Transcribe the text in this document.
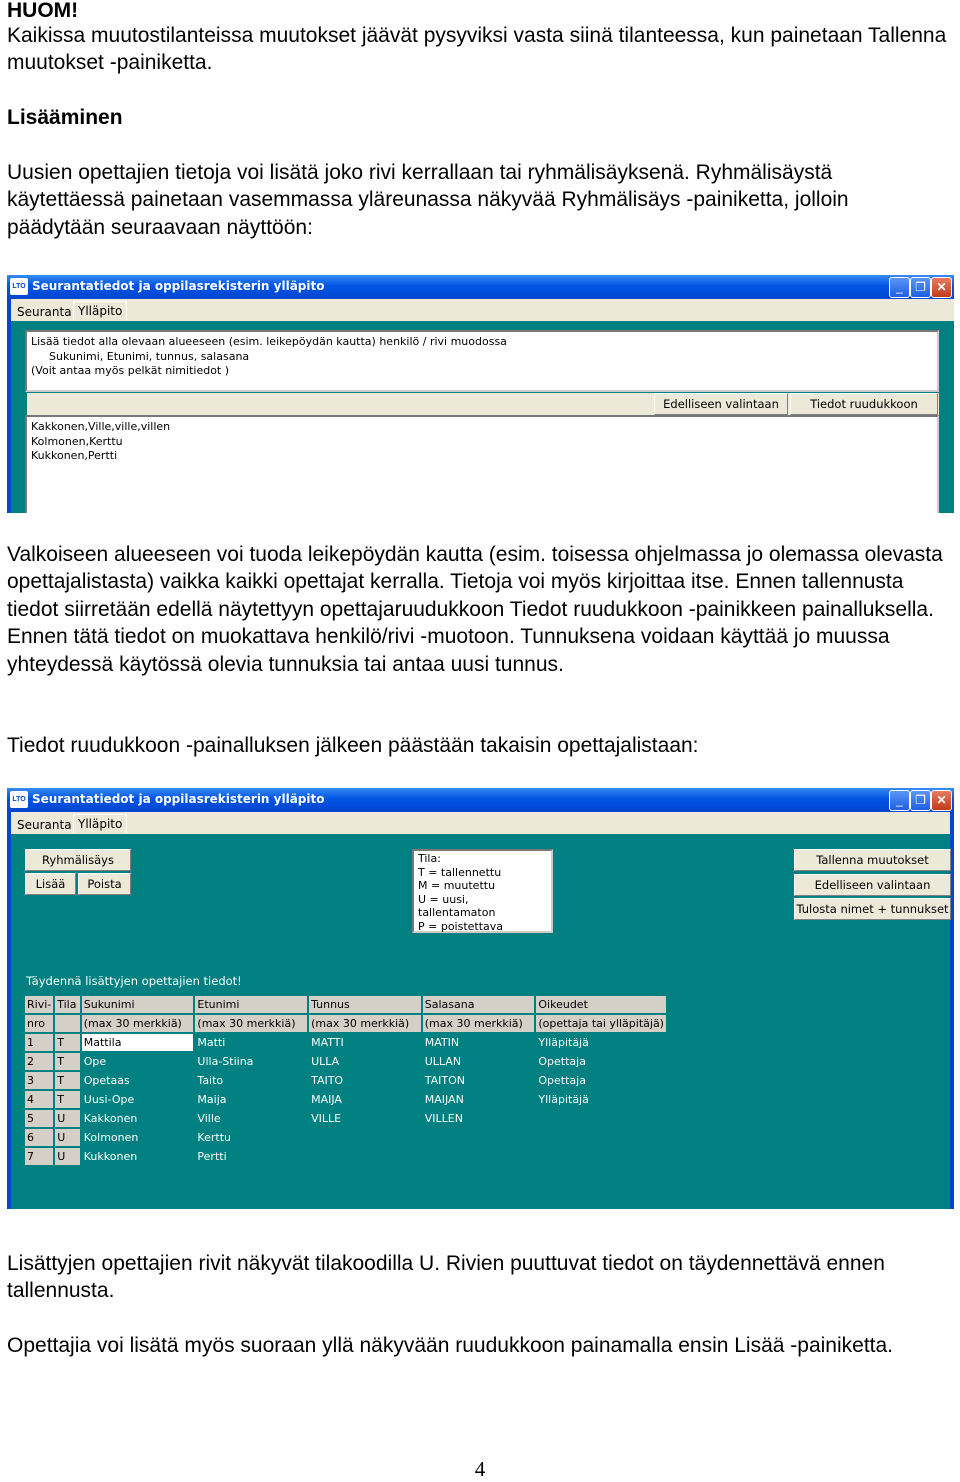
HUOM!

Kaikissa muutostilanteissa muutokset jäävät pysyviksi vasta siinä tilanteessa, kun painetaan Tallenna muutokset -painiketta.

Lisääminen

Uusien opettajien tietoja voi lisätä joko rivi kerrallaan tai ryhmälisäyksenä. Ryhmälisäystä käytettäessä painetaan vasemmassa yläreunassa näkyvää Ryhmälisäys -painiketta, jolloin päädytään seuraavaan näyttöön:

LTO Seurantatiedot ja oppilasrekisterin ylläpito	_	❐ ✕
Seuranta Ylläpito
Lisää tiedot alla olevaan alueeseen (esim. leikepöydän kautta) henkilö / rivi muodossa
Sukunimi, Etunimi, tunnus, salasana
(Voit antaa myös pelkät nimitiedot )
Edelliseen valintaan	Tiedot ruudukkoon
Kakkonen,Ville,ville,villen
Kolmonen,Kerttu
Kukkonen,Pertti

Valkoiseen alueeseen voi tuoda leikepöydän kautta (esim. toisessa ohjelmassa jo olemassa olevasta opettajalistasta) vaikka kaikki opettajat kerralla. Tietoja voi myös kirjoittaa itse. Ennen tallennusta tiedot siirretään edellä näytettyyn opettajaruudukkoon Tiedot ruudukkoon -painikkeen painalluksella. Ennen tätä tiedot on muokattava henkilö/rivi -muotoon. Tunnuksena voidaan käyttää jo muussa yhteydessä käytössä olevia tunnuksia tai antaa uusi tunnus.

Tiedot ruudukkoon -painalluksen jälkeen päästään takaisin opettajalistaan:

LTO Seurantatiedot ja oppilasrekisterin ylläpito	_	❐ ✕
Seuranta Ylläpito
Ryhmälisäys
Lisää	Poista
Tila:
T = tallennettu
M = muutettu
U = uusi, tallentamaton
P = poistettava
Tallenna muutokset
Edelliseen valintaan
Tulosta nimet + tunnukset
Täydennä lisättyjen opettajien tiedot!
Rivi-	Tila	Sukunimi	Etunimi	Tunnus	Salasana	Oikeudet
nro		(max 30 merkkiä)	(max 30 merkkiä)	(max 30 merkkiä)	(max 30 merkkiä)	(opettaja tai ylläpitäjä)
1	T	Mattila	Matti	MATTI	MATIN	Ylläpitäjä
2	T	Ope	Ulla-Stiina	ULLA	ULLAN	Opettaja
3	T	Opetaas	Taito	TAITO	TAITON	Opettaja
4	T	Uusi-Ope	Maija	MAIJA	MAIJAN	Ylläpitäjä
5	U	Kakkonen	Ville	VILLE	VILLEN	
6	U	Kolmonen	Kerttu			
7	U	Kukkonen	Pertti			

Lisättyjen opettajien rivit näkyvät tilakoodilla U. Rivien puuttuvat tiedot on täydennettävä ennen tallennusta.

Opettajia voi lisätä myös suoraan yllä näkyvään ruudukkoon painamalla ensin Lisää -painiketta.

4
